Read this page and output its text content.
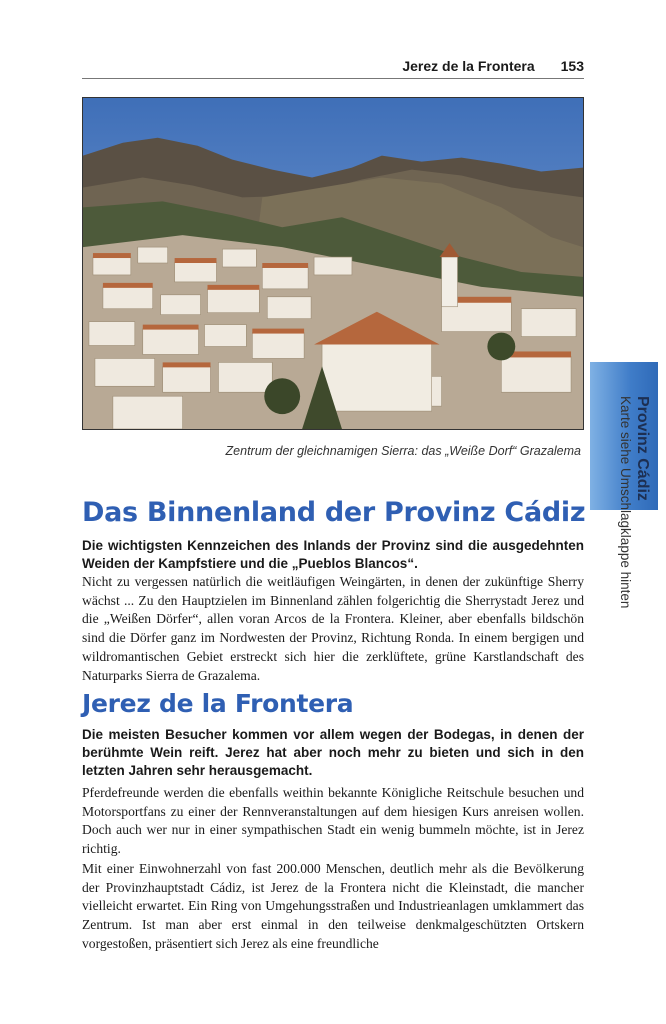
Jerez de la Frontera 153
Zentrum der gleichnamigen Sierra: das „Weiße Dorf“ Grazalema	Provinz Cádiz
Karte siehe Umschlagklappe hinten
Das Binnenland der Provinz Cádiz

Die wichtigsten Kennzeichen des Inlands der Provinz sind die ausgedehnten Weiden der Kampfstiere und die „Pueblos Blancos“.

Nicht zu vergessen natürlich die weitläufigen Weingärten, in denen der zukünftige Sherry wächst ... Zu den Hauptzielen im Binnenland zählen folgerichtig die Sherrystadt Jerez und die „Weißen Dörfer“, allen voran Arcos de la Frontera. Kleiner, aber ebenfalls bildschön sind die Dörfer ganz im Nordwesten der Provinz, Richtung Ronda. In einem bergigen und wildromantischen Gebiet erstreckt sich hier die zerklüftete, grüne Karstlandschaft des Naturparks Sierra de Grazalema.

Jerez de la Frontera

Die meisten Besucher kommen vor allem wegen der Bodegas, in denen der berühmte Wein reift. Jerez hat aber noch mehr zu bieten und sich in den letzten Jahren sehr herausgemacht.

Pferdefreunde werden die ebenfalls weithin bekannte Königliche Reitschule besuchen und Motorsportfans zu einer der Rennveranstaltungen auf dem hiesigen Kurs anreisen wollen. Doch auch wer nur in einer sympathischen Stadt ein wenig bummeln möchte, ist in Jerez richtig.

Mit einer Einwohnerzahl von fast 200.000 Menschen, deutlich mehr als die Bevölkerung der Provinzhauptstadt Cádiz, ist Jerez de la Frontera nicht die Kleinstadt, die mancher vielleicht erwartet. Ein Ring von Umgehungsstraßen und Industrieanlagen umklammert das Zentrum. Ist man aber erst einmal in den teilweise denkmalgeschützten Ortskern vorgestoßen, präsentiert sich Jerez als eine freundliche
